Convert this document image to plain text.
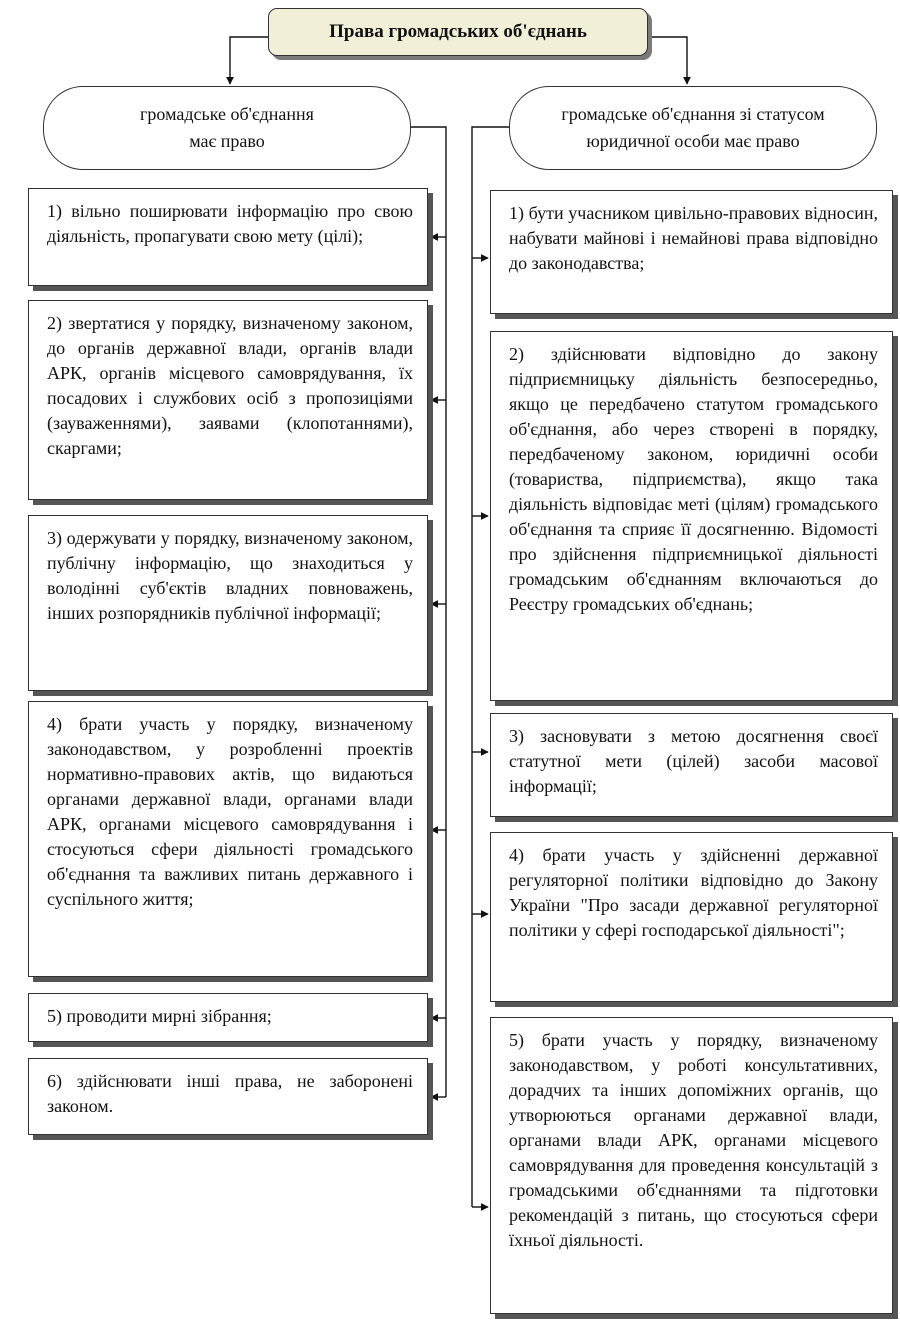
Права громадських об'єднань
громадське об'єднання
має право
громадське об'єднання зі статусом
юридичної особи має право
1) вільно поширювати інформацію про свою діяльність, пропагувати свою мету (цілі);
2) звертатися у порядку, визначеному законом, до органів державної влади, органів влади АРК, органів місцевого самоврядування, їх посадових і службових осіб з пропозиціями (зауваженнями), заявами (клопотаннями), скаргами;
3) одержувати у порядку, визначеному законом, публічну інформацію, що знаходиться у володінні суб'єктів владних повноважень, інших розпорядників публічної інформації;
4) брати участь у порядку, визначеному законодавством, у розробленні проектів нормативно-правових актів, що видаються органами державної влади, органами влади АРК, органами місцевого самоврядування і стосуються сфери діяльності громадського об'єднання та важливих питань державного і суспільного життя;
5) проводити мирні зібрання;
6) здійснювати інші права, не заборонені законом.
1) бути учасником цивільно-правових відносин, набувати майнові і немайнові права відповідно до законодавства;
2) здійснювати відповідно до закону підприємницьку діяльність безпосередньо, якщо це передбачено статутом громадського об'єднання, або через створені в порядку, передбаченому законом, юридичні особи (товариства, підприємства), якщо така діяльність відповідає меті (цілям) громадського об'єднання та сприяє її досягненню. Відомості про здійснення підприємницької діяльності громадським об'єднанням включаються до Реєстру громадських об'єднань;
3) засновувати з метою досягнення своєї статутної мети (цілей) засоби масової інформації;
4) брати участь у здійсненні державної регуляторної політики відповідно до Закону України "Про засади державної регуляторної політики у сфері господарської діяльності";
5) брати участь у порядку, визначеному законодавством, у роботі консультативних, дорадчих та інших допоміжних органів, що утворюються органами державної влади, органами влади АРК, органами місцевого самоврядування для проведення консультацій з громадськими об'єднаннями та підготовки рекомендацій з питань, що стосуються сфери їхньої діяльності.
